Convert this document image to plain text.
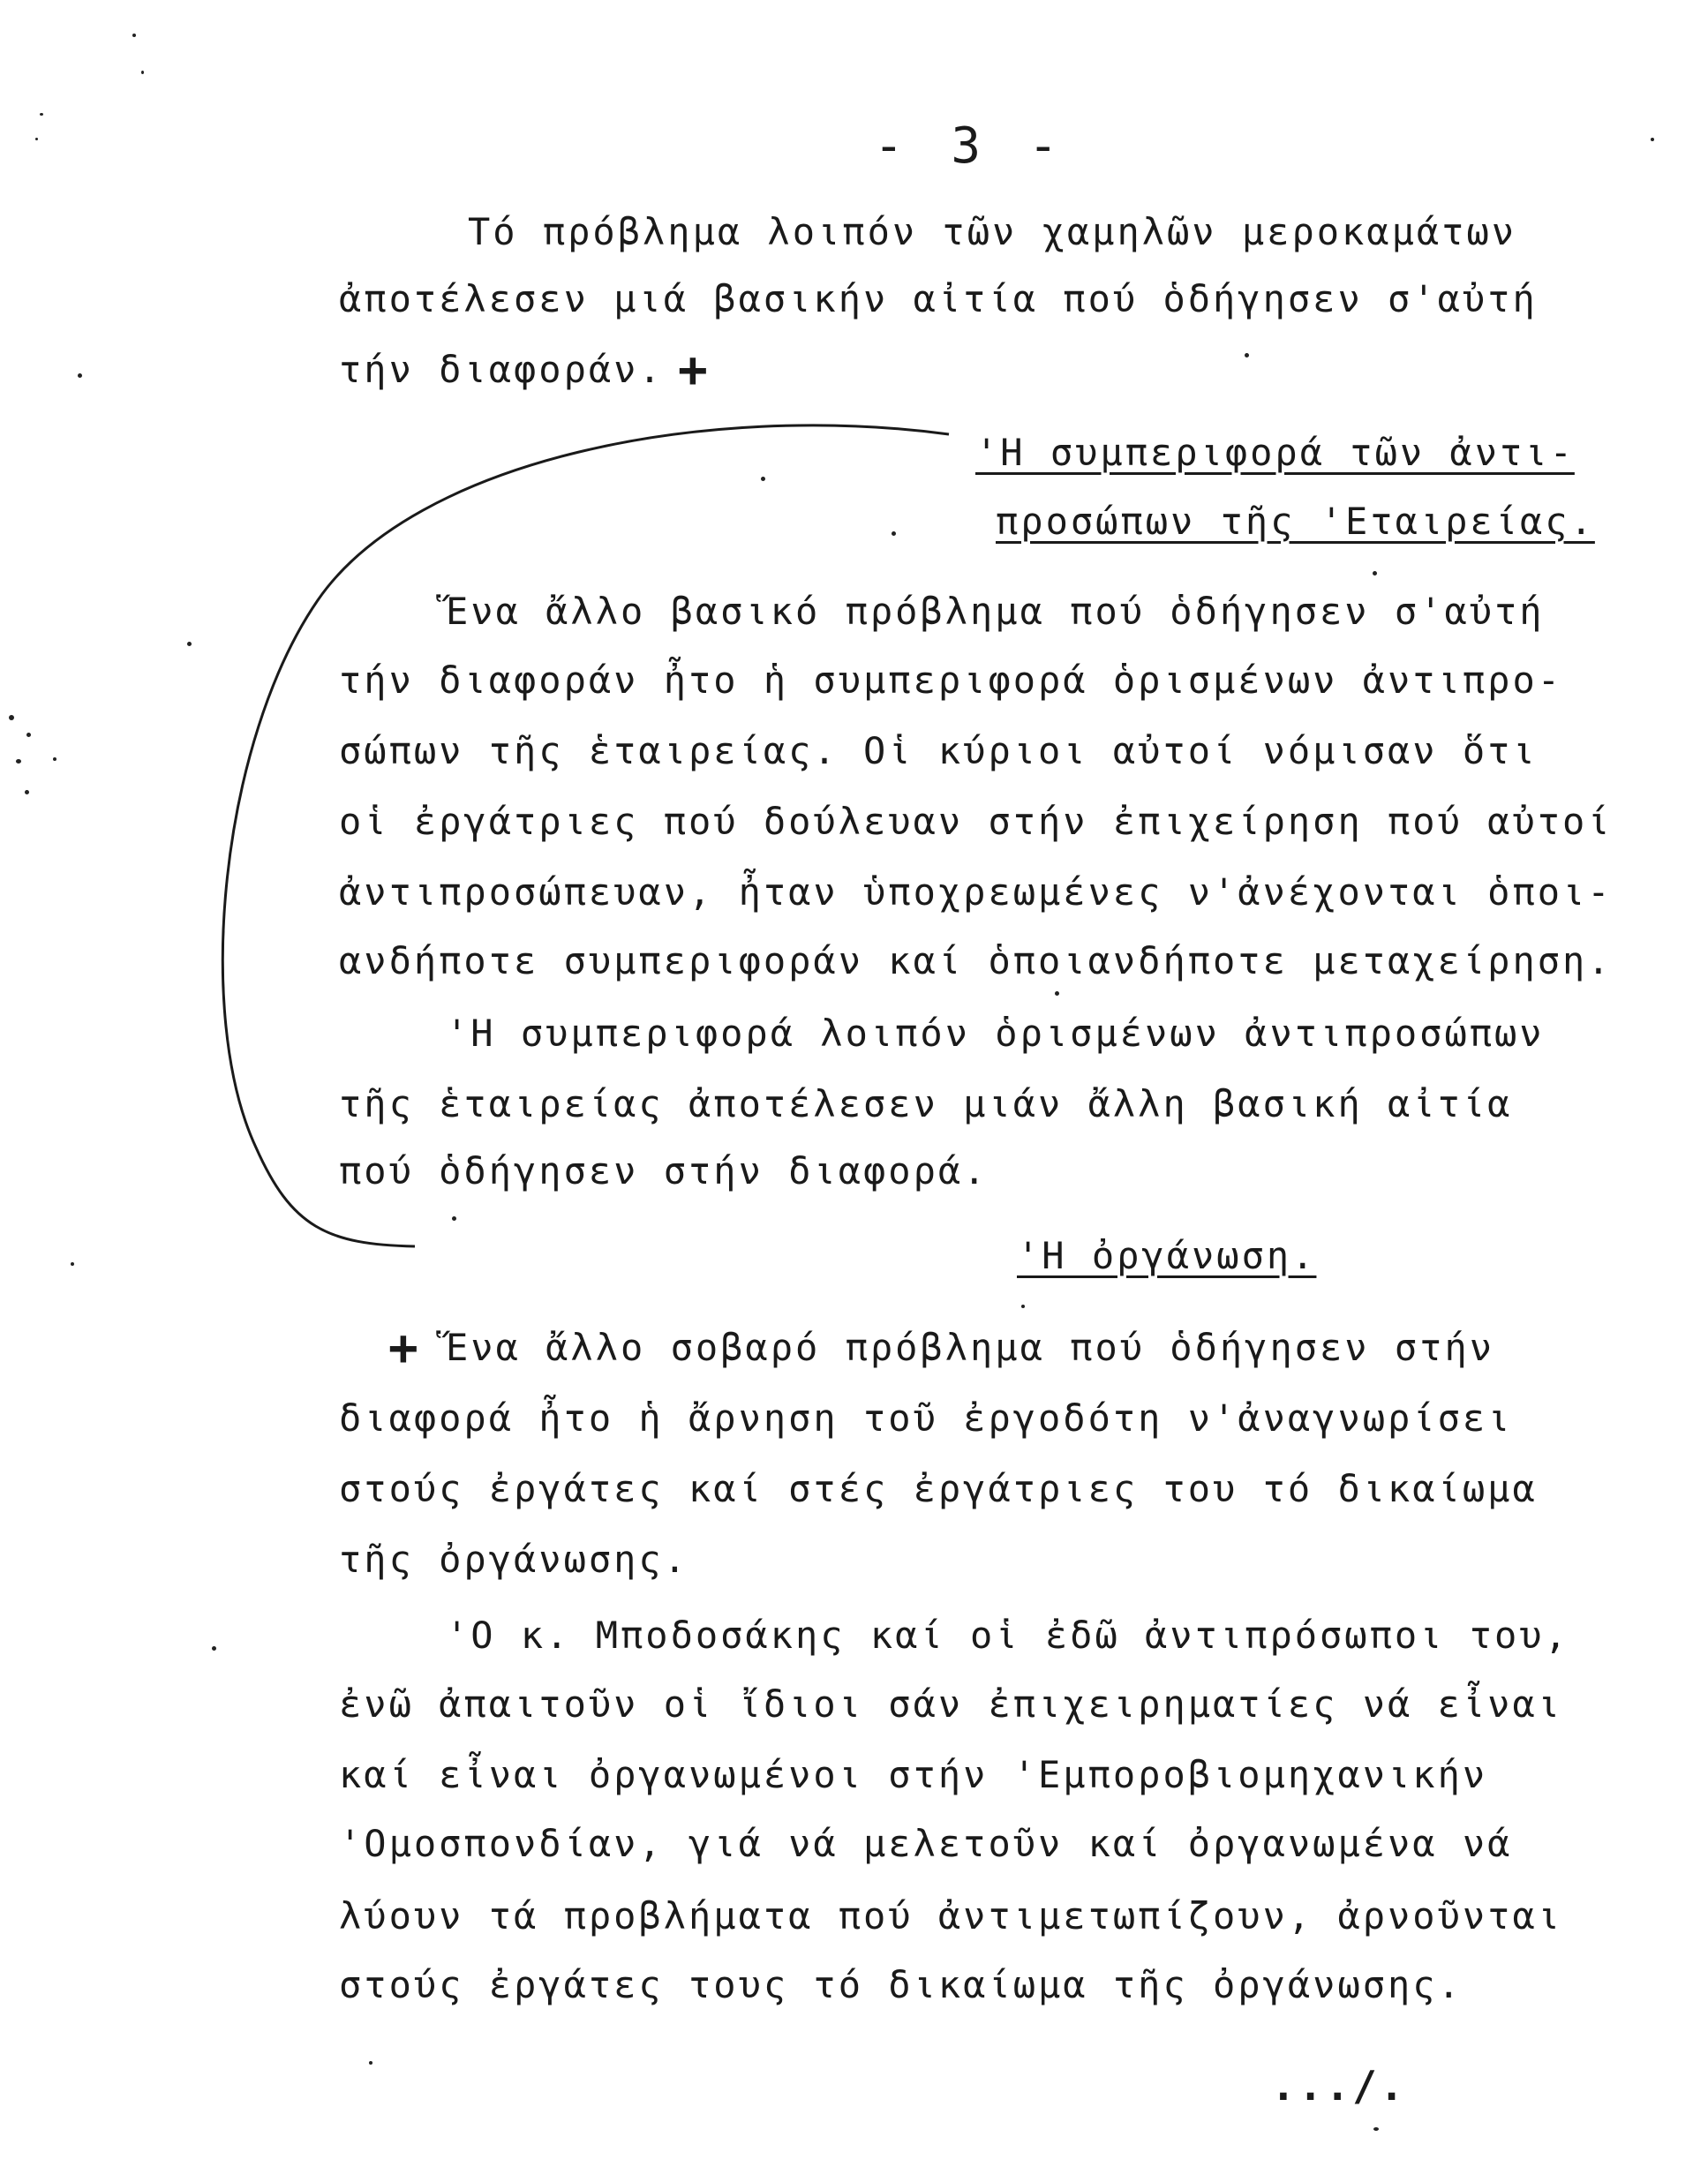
- 3 -
Τό πρόβλημα λοιπόν τῶν χαμηλῶν μεροκαμάτων
ἀποτέλεσεν μιά βασικήν αἰτία πού ὁδήγησεν σ'αὐτή
τήν διαφοράν. +
'Η συμπεριφορά τῶν ἀντι-
προσώπων τῆς 'Εταιρείας.
Ἕνα ἄλλο βασικό πρόβλημα πού ὁδήγησεν σ'αὐτή
τήν διαφοράν ἦτο ἡ συμπεριφορά ὁρισμένων ἀντιπρο-
σώπων τῆς ἑταιρείας. Οἱ κύριοι αὐτοί νόμισαν ὅτι
οἱ ἐργάτριες πού δούλευαν στήν ἐπιχείρηση πού αὐτοί
ἀντιπροσώπευαν, ἦταν ὑποχρεωμένες ν'ἀνέχονται ὁποι-
ανδήποτε συμπεριφοράν καί ὁποιανδήποτε μεταχείρηση.
'Η συμπεριφορά λοιπόν ὁρισμένων ἀντιπροσώπων
τῆς ἑταιρείας ἀποτέλεσεν μιάν ἄλλη βασική αἰτία
πού ὁδήγησεν στήν διαφορά.
'Η ὀργάνωση.
+ Ἕνα ἄλλο σοβαρό πρόβλημα πού ὁδήγησεν στήν
διαφορά ἦτο ἡ ἄρνηση τοῦ ἐργοδότη ν'ἀναγνωρίσει
στούς ἐργάτες καί στές ἐργάτριες του τό δικαίωμα
τῆς ὀργάνωσης.
'Ο κ. Μποδοσάκης καί οἱ ἐδῶ ἀντιπρόσωποι του,
ἐνῶ ἀπαιτοῦν οἱ ἴδιοι σάν ἐπιχειρηματίες νά εἶναι
καί εἶναι ὀργανωμένοι στήν 'Εμποροβιομηχανικήν
'Ομοσπονδίαν, γιά νά μελετοῦν καί ὀργανωμένα νά
λύουν τά προβλήματα πού ἀντιμετωπίζουν, ἀρνοῦνται
στούς ἐργάτες τους τό δικαίωμα τῆς ὀργάνωσης.
.../.
